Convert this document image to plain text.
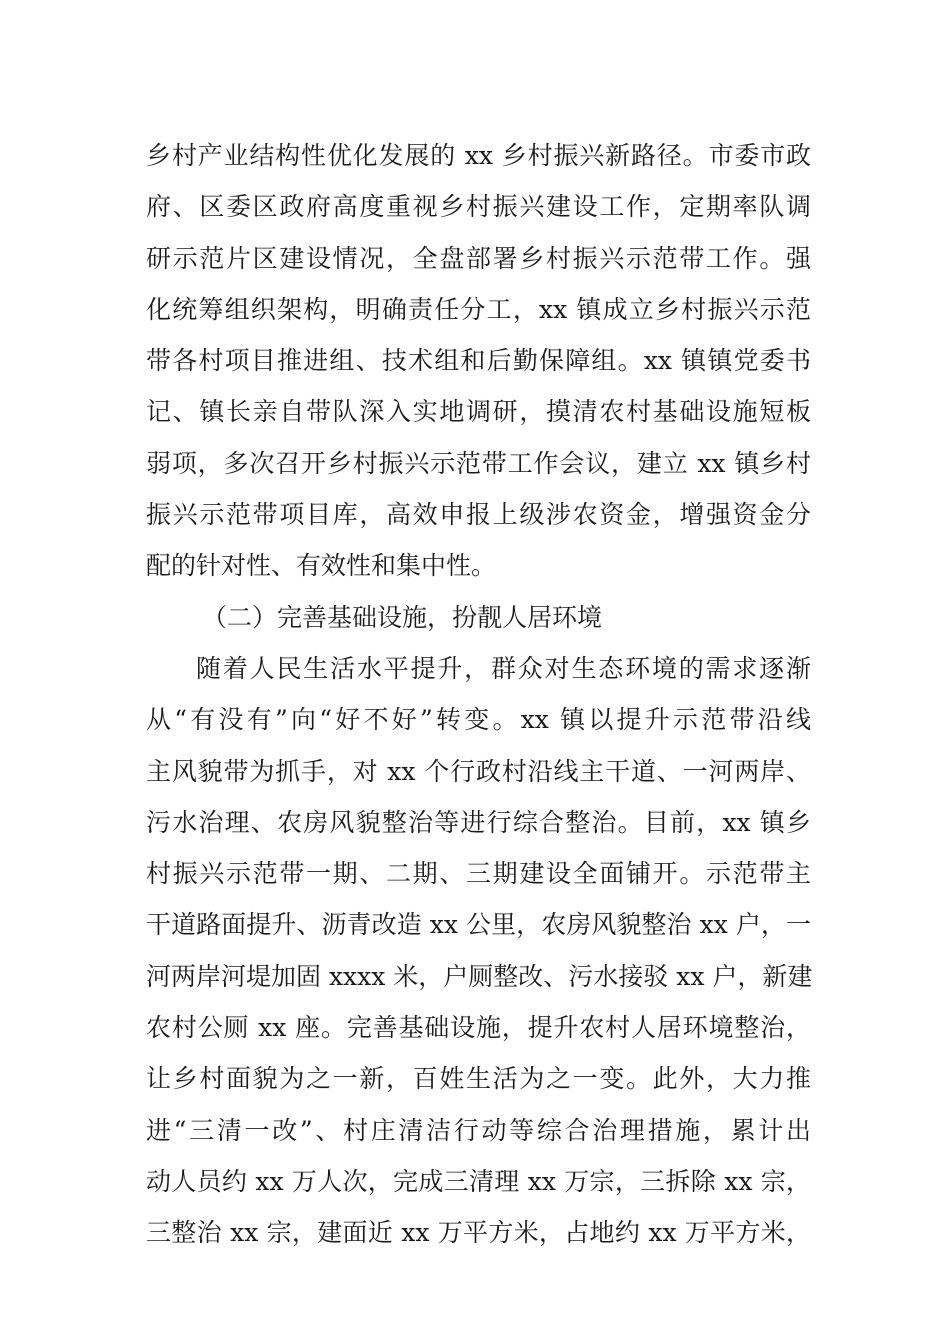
乡村产业结构性优化发展的 xx 乡村振兴新路径。市委市政
府、区委区政府高度重视乡村振兴建设工作，定期率队调
研示范片区建设情况，全盘部署乡村振兴示范带工作。强
化统筹组织架构，明确责任分工，xx 镇成立乡村振兴示范
带各村项目推进组、技术组和后勤保障组。xx 镇镇党委书
记、镇长亲自带队深入实地调研，摸清农村基础设施短板
弱项，多次召开乡村振兴示范带工作会议，建立 xx 镇乡村
振兴示范带项目库，高效申报上级涉农资金，增强资金分
配的针对性、有效性和集中性。
（二）完善基础设施，扮靓人居环境
随着人民生活水平提升，群众对生态环境的需求逐渐
从“有没有”向“好不好”转变。xx 镇以提升示范带沿线
主风貌带为抓手，对 xx 个行政村沿线主干道、一河两岸、
污水治理、农房风貌整治等进行综合整治。目前，xx 镇乡
村振兴示范带一期、二期、三期建设全面铺开。示范带主
干道路面提升、沥青改造 xx 公里，农房风貌整治 xx 户，一
河两岸河堤加固 xxxx 米，户厕整改、污水接驳 xx 户，新建
农村公厕 xx 座。完善基础设施，提升农村人居环境整治，
让乡村面貌为之一新，百姓生活为之一变。此外，大力推
进“三清一改”、村庄清洁行动等综合治理措施，累计出
动人员约 xx 万人次，完成三清理 xx 万宗，三拆除 xx 宗，
三整治 xx 宗，建面近 xx 万平方米，占地约 xx 万平方米，
